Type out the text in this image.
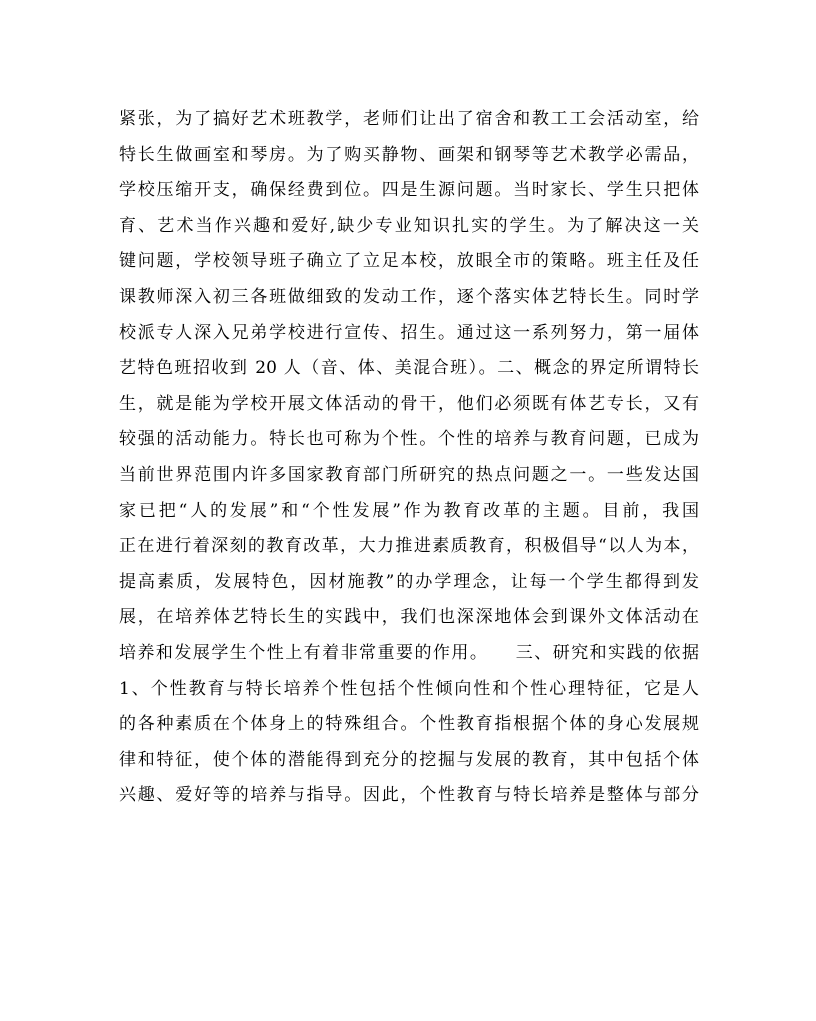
紧张，为了搞好艺术班教学，老师们让出了宿舍和教工工会活动室，给
特长生做画室和琴房。为了购买静物、画架和钢琴等艺术教学必需品，
学校压缩开支，确保经费到位。四是生源问题。当时家长、学生只把体
育、艺术当作兴趣和爱好,缺少专业知识扎实的学生。为了解决这一关
键问题，学校领导班子确立了立足本校，放眼全市的策略。班主任及任
课教师深入初三各班做细致的发动工作，逐个落实体艺特长生。同时学
校派专人深入兄弟学校进行宣传、招生。通过这一系列努力，第一届体
艺特色班招收到 20 人（音、体、美混合班）。二、概念的界定所谓特长
生，就是能为学校开展文体活动的骨干，他们必须既有体艺专长，又有
较强的活动能力。特长也可称为个性。个性的培养与教育问题，已成为
当前世界范围内许多国家教育部门所研究的热点问题之一。一些发达国
家已把“人的发展”和“个性发展”作为教育改革的主题。目前，我国
正在进行着深刻的教育改革，大力推进素质教育，积极倡导“以人为本，
提高素质，发展特色，因材施教”的办学理念，让每一个学生都得到发
展，在培养体艺特长生的实践中，我们也深深地体会到课外文体活动在
培养和发展学生个性上有着非常重要的作用。    三、研究和实践的依据
1、个性教育与特长培养个性包括个性倾向性和个性心理特征，它是人
的各种素质在个体身上的特殊组合。个性教育指根据个体的身心发展规
律和特征，使个体的潜能得到充分的挖掘与发展的教育，其中包括个体
兴趣、爱好等的培养与指导。因此，个性教育与特长培养是整体与部分
